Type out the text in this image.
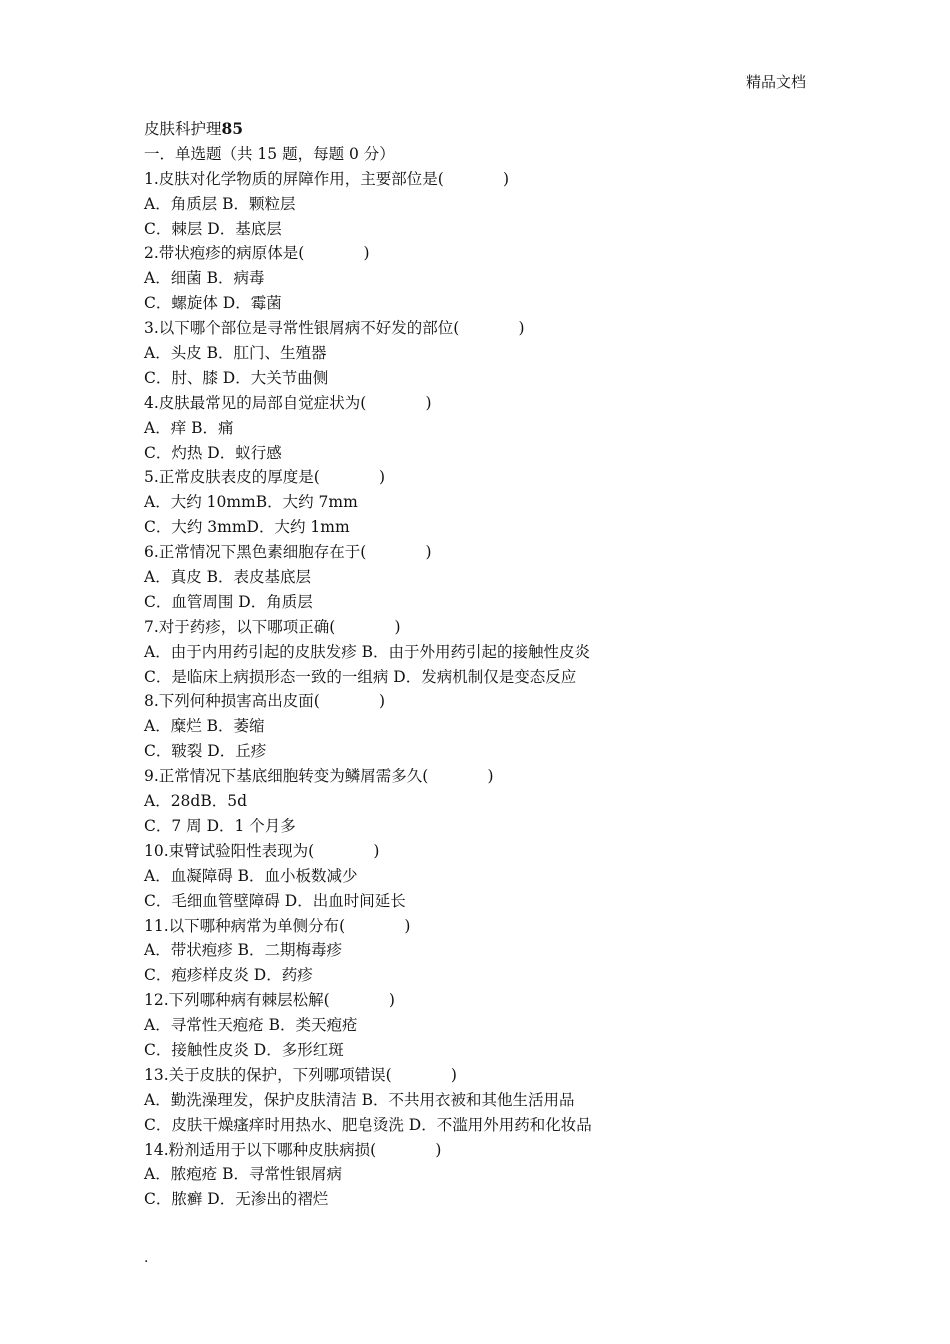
精品文档
皮肤科护理85
一．单选题（共 15 题，每题 0 分）
1.皮肤对化学物质的屏障作用，主要部位是(            )
A．角质层 B．颗粒层
C．棘层 D．基底层
2.带状疱疹的病原体是(            )
A．细菌 B．病毒
C．螺旋体 D．霉菌
3.以下哪个部位是寻常性银屑病不好发的部位(            )
A．头皮 B．肛门、生殖器
C．肘、膝 D．大关节曲侧
4.皮肤最常见的局部自觉症状为(            )
A．痒 B．痛
C．灼热 D．蚁行感
5.正常皮肤表皮的厚度是(            )
A．大约 10mmB．大约 7mm
C．大约 3mmD．大约 1mm
6.正常情况下黑色素细胞存在于(            )
A．真皮 B．表皮基底层
C．血管周围 D．角质层
7.对于药疹，以下哪项正确(            )
A．由于内用药引起的皮肤发疹 B．由于外用药引起的接触性皮炎
C．是临床上病损形态一致的一组病 D．发病机制仅是变态反应
8.下列何种损害高出皮面(            )
A．糜烂 B．萎缩
C．皲裂 D．丘疹
9.正常情况下基底细胞转变为鳞屑需多久(            )
A．28dB．5d
C．7 周 D．1 个月多
10.束臂试验阳性表现为(            )
A．血凝障碍 B．血小板数减少
C．毛细血管壁障碍 D．出血时间延长
11.以下哪种病常为单侧分布(            )
A．带状疱疹 B．二期梅毒疹
C．疱疹样皮炎 D．药疹
12.下列哪种病有棘层松解(            )
A．寻常性天疱疮 B．类天疱疮
C．接触性皮炎 D．多形红斑
13.关于皮肤的保护，下列哪项错误(            )
A．勤洗澡理发，保护皮肤清洁 B．不共用衣被和其他生活用品
C．皮肤干燥瘙痒时用热水、肥皂烫洗 D．不滥用外用药和化妆品
14.粉剂适用于以下哪种皮肤病损(            )
A．脓疱疮 B．寻常性银屑病
C．脓癣 D．无渗出的褶烂
.
